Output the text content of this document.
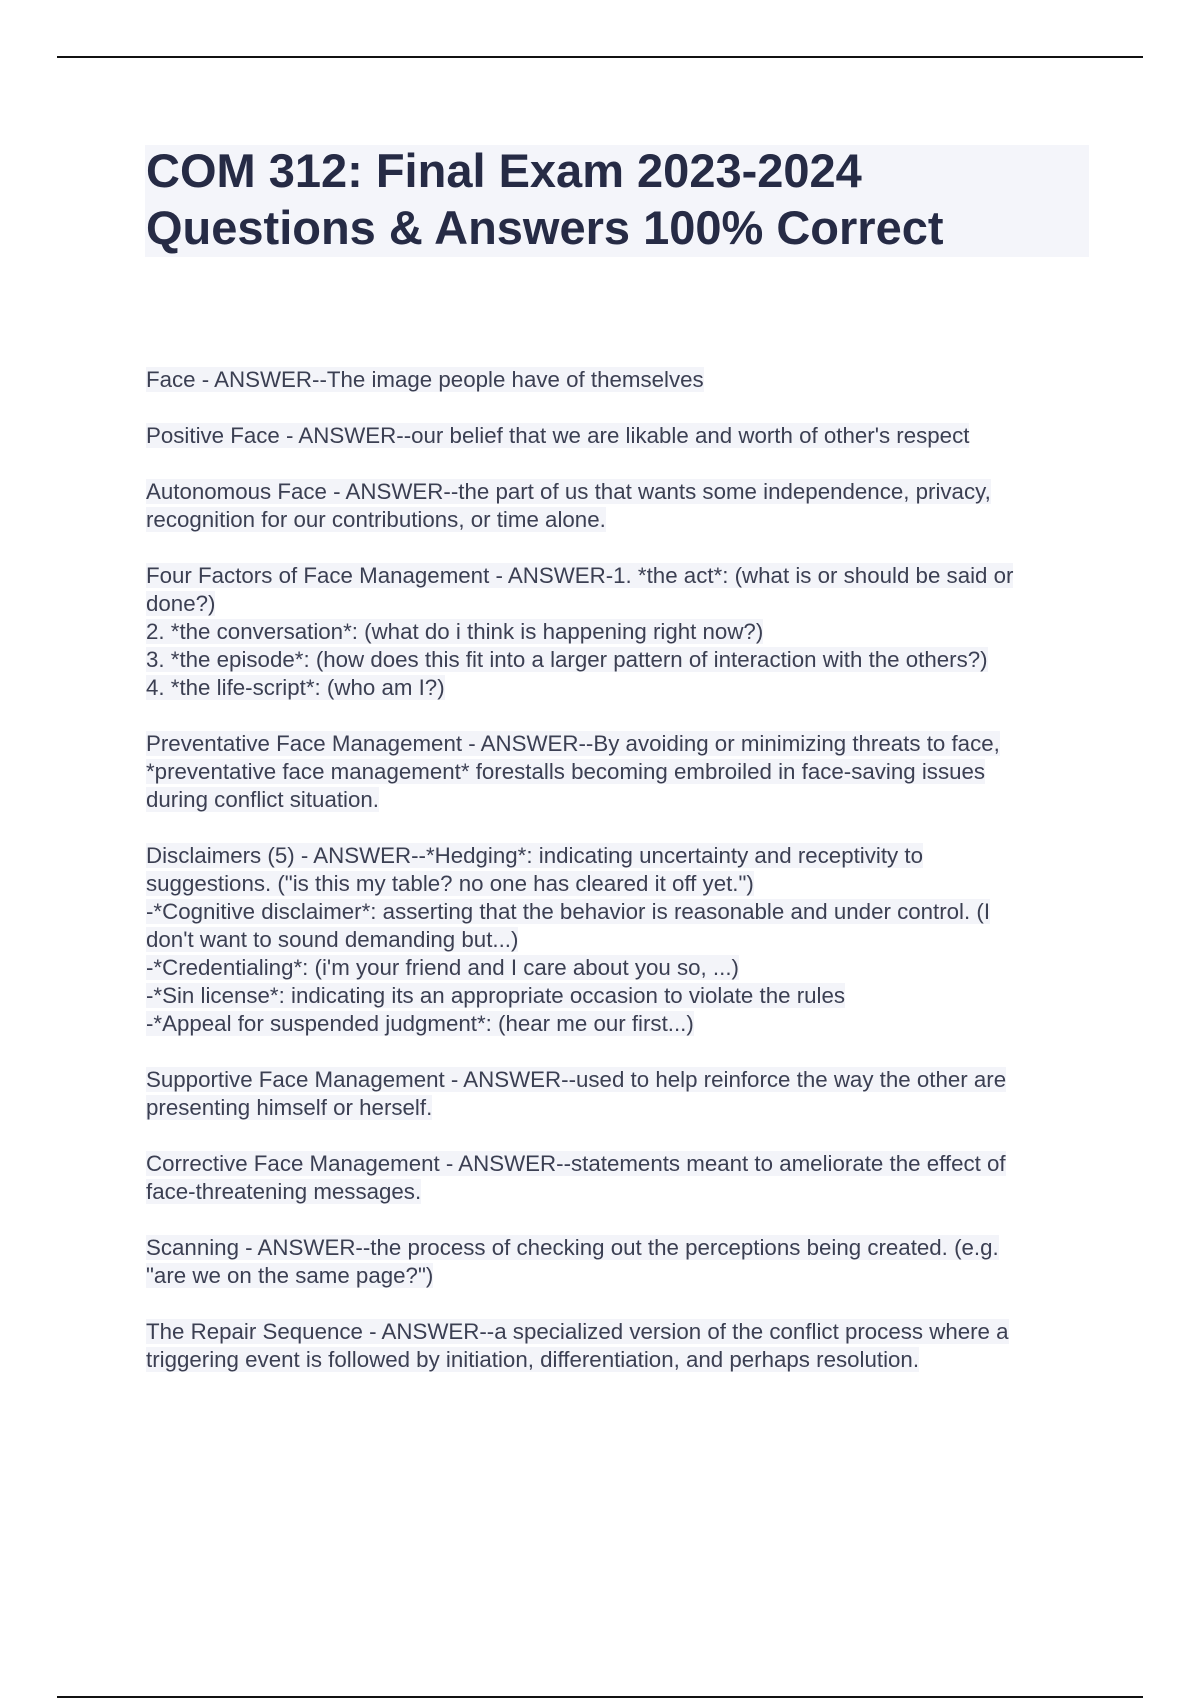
COM 312: Final Exam 2023-2024
Questions & Answers 100% Correct

Face - ANSWER--The image people have of themselves

Positive Face - ANSWER--our belief that we are likable and worth of other's respect

Autonomous Face - ANSWER--the part of us that wants some independence, privacy,
recognition for our contributions, or time alone.

Four Factors of Face Management - ANSWER-1. *the act*: (what is or should be said or
done?)
2. *the conversation*: (what do i think is happening right now?)
3. *the episode*: (how does this fit into a larger pattern of interaction with the others?)
4. *the life-script*: (who am I?)

Preventative Face Management - ANSWER--By avoiding or minimizing threats to face,
*preventative face management* forestalls becoming embroiled in face-saving issues
during conflict situation.

Disclaimers (5) - ANSWER--*Hedging*: indicating uncertainty and receptivity to
suggestions. ("is this my table? no one has cleared it off yet.")
-*Cognitive disclaimer*: asserting that the behavior is reasonable and under control. (I
don't want to sound demanding but...)
-*Credentialing*: (i'm your friend and I care about you so, ...)
-*Sin license*: indicating its an appropriate occasion to violate the rules
-*Appeal for suspended judgment*: (hear me our first...)

Supportive Face Management - ANSWER--used to help reinforce the way the other are
presenting himself or herself.

Corrective Face Management - ANSWER--statements meant to ameliorate the effect of
face-threatening messages.

Scanning - ANSWER--the process of checking out the perceptions being created. (e.g.
"are we on the same page?")

The Repair Sequence - ANSWER--a specialized version of the conflict process where a
triggering event is followed by initiation, differentiation, and perhaps resolution.
